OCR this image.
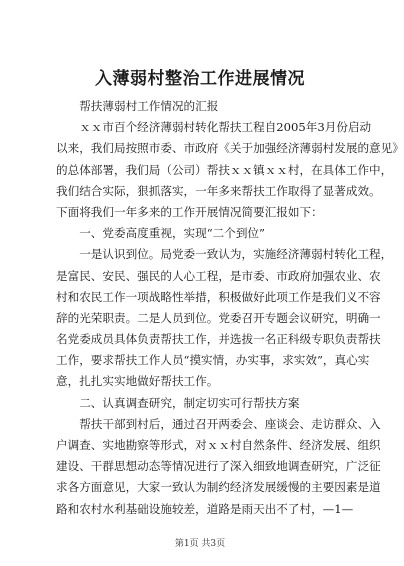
入薄弱村整治工作进展情况
　　帮扶薄弱村工作情况的汇报
　　ｘｘ市百个经济薄弱村转化帮扶工程自2005年3月份启动
以来，我们局按照市委、市政府《关于加强经济薄弱村发展的意见》
的总体部署，我们局（公司）帮扶ｘｘ镇ｘｘ村，在具体工作中，
我们结合实际，狠抓落实，一年多来帮扶工作取得了显著成效。
下面将我们一年多来的工作开展情况简要汇报如下：
　　一、党委高度重视，实现“二个到位”
　　一是认识到位。局党委一致认为，实施经济薄弱村转化工程，
是富民、安民、强民的人心工程，是市委、市政府加强农业、农
村和农民工作一项战略性举措，积极做好此项工作是我们义不容
辞的光荣职责。二是人员到位。党委召开专题会议研究，明确一
名党委成员具体负责帮扶工作，并选拔一名正科级专职负责帮扶
工作，要求帮扶工作人员“摸实情，办实事，求实效”，真心实
意，扎扎实实地做好帮扶工作。
　　二、认真调查研究，制定切实可行帮扶方案
　　帮扶干部到村后，通过召开两委会、座谈会、走访群众、入
户调查、实地勘察等形式，对ｘｘ村自然条件、经济发展、组织
建设、干群思想动态等情况进行了深入细致地调查研究，广泛征
求各方面意见，大家一致认为制约经济发展缓慢的主要因素是道
路和农村水利基础设施较差，道路是雨天出不了村，—1—
第1页 共3页
